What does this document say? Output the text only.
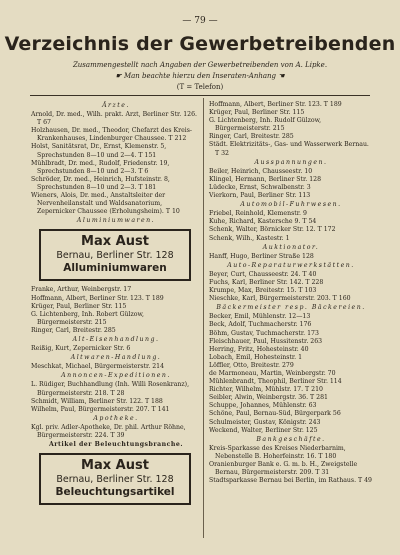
— 79 —
Verzeichnis der Gewerbetreibenden
Zusammengestellt nach Angaben der Gewerbetreibenden von A. Lipke.
☛ Man beachte hierzu den Inseraten-Anhang ☚
(T = Telefon)
Ärzte.
Arnold, Dr. med., Wilh. prakt. Arzt, Berliner Str. 126. T 67
Holzhausen, Dr. med., Theodor, Chefarzt des Kreis-Krankenhauses, Lindenburger Chaussee. T 212
Holst, Sanitätsrat, Dr., Ernst, Klemenstr. 5, Sprechstunden 8—10 und 2—4. T 151
Mühlbradt, Dr. med., Rudolf, Friedenstr. 19, Sprechstunden 8—10 und 2—3. T 6
Schröder, Dr. med., Heinrich, Hufsteinstr. 8, Sprechstunden 8—10 und 2—3. T 181
Wieners, Alois, Dr. med., Anstaltsleiter der Nervenheilanstalt und Waldsanatorium, Zepernicker Chaussee (Erholungsheim). T 10
Aluminiumwaren.
Max Aust
Bernau, Berliner Str. 128
Alluminiumwaren
Franke, Arthur, Weinbergstr. 17
Hoffmann, Albert, Berliner Str. 123. T 189
Krüger, Paul, Berliner Str. 115
G. Lichtenberg, Inh. Robert Gülzow, Bürgermeisterstr. 215
Ringer, Carl, Breitestr. 285
Alt-Eisenhandlung.
Reißig, Kurt, Zepernicker Str. 6
Altwaren-Handlung.
Meschkat, Michael, Bürgermeisterstr. 214
Annoncen-Expeditionen.
L. Rüdiger, Buchhandlung (Inh. Willi Rosenkranz), Bürgermeisterstr. 218. T 28
Schmidt, William, Berliner Str. 122. T 188
Wilhelm, Paul, Bürgermeisterstr. 207. T 141
Apotheke.
Kgl. priv. Adler-Apotheke, Dr. phil. Arthur Röhne, Bürgermeisterstr. 224. T 39
Artikel der Beleuchtungsbranche.
Max Aust
Bernau, Berliner Str. 128
Beleuchtungsartikel
Hoffmann, Albert, Berliner Str. 123. T 189
Krüger, Paul, Berliner Str. 115
G. Lichtenberg, Inh. Rudolf Gülzow, Bürgermeisterstr. 215
Ringer, Carl, Breitestr. 285
Städt. Elektrizitäts-, Gas- und Wasserwerk Bernau. T 32
Ausspannungen.
Beiler, Heinrich, Chausseestr. 10
Klingel, Hermann, Berliner Str. 128
Lüdecke, Ernst, Schwalbenstr. 3
Vierkorn, Paul, Berliner Str. 113
Automobil-Fuhrwesen.
Friebel, Reinhold, Klemenstr. 9
Kuhe, Richard, Kastersche 9. T 54
Schenk, Walter, Börnicker Str. 12. T 172
Schenk, Wilh., Kastestr. 1
Auktionator.
Hanff, Hugo, Berliner Straße 128
Auto-Reparaturwerkstätten.
Beyer, Curt, Chausseestr. 24. T 40
Fuchs, Karl, Berliner Str. 142. T 228
Krumpe, Max, Breitestr. 15. T 103
Nieschke, Karl, Bürgermeisterstr. 203. T 160
Bäckermeister resp. Bäckereien.
Becker, Emil, Mühlenstr. 12—13
Beck, Adolf, Tuchmacherstr. 176
Böhm, Gustav, Tuchmacherstr. 173
Fleischhauer, Paul, Hussitenstr. 263
Herring, Fritz, Hohesteinstr. 40
Lobach, Emil, Hohesteinstr. 1
Löffler, Otto, Breitestr. 279
de Marmoneau, Martin, Weinbergstr. 70
Mühlenbrandt, Theophil, Berliner Str. 114
Richter, Wilhelm, Mühlstr. 17. T 210
Seibler, Alwin, Weinbergstr. 36. T 281
Schuppe, Johannes, Mühlenstr. 63
Schöne, Paul, Bernau-Süd, Bürgerpark 56
Schulmeister, Gustav, Königstr. 243
Weckend, Walter, Berliner Str. 125
Bankgeschäfte.
Kreis-Sparkasse des Kreises Niederbarnim, Nebenstelle B. Hoherfeinstr. 16. T 180
Oranienburger Bank e. G. m. b. H., Zweigstelle Bernau, Bürgermeisterstr. 209. T 31
Stadtsparkasse Bernau bei Berlin, im Rathaus. T 49
